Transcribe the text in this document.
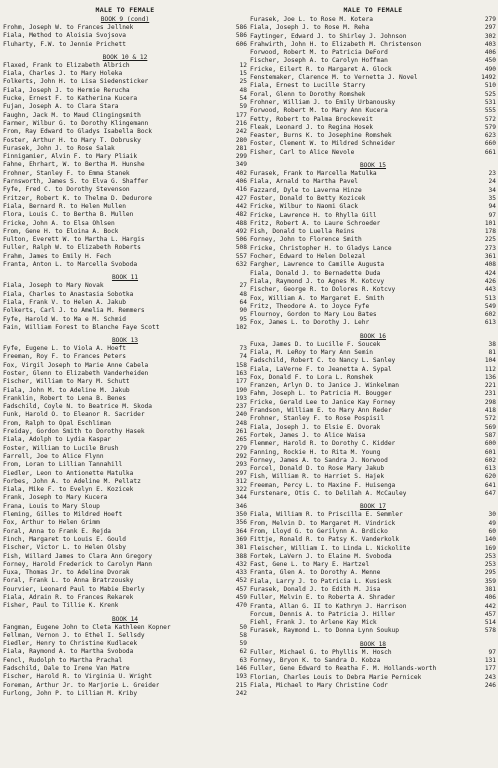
MALE TO FEMALE
BOOK 9 (cond)
Frohm, Joseph W. to Frances Jellnek	586
Fiala, Method to Aloisia Svojsova	586
Fluharty, F.W. to Jennie Prichett	606
BOOK 10 & 12
Flaxed, Frank to Elizabeth Albrich	12
Fiala, Charles J. to Mary Holeka	15
Folkerts, John H. to Lisa Siedensticker	25
Fiala, Joseph J. to Hermie Rerucha	48
Fucke, Ernest F. to Katherina Kucera	54
Fujan, Joseph A. to Clara Stara	59
Faughn, Jack M. to Maud Clingingsmith	177
Farmer, Wilbur G. to Dorothy Klingemann	216
From, Ray Edward to Gladys Isabella Bock	242
Foster, Arthur H. to Mary T. Dobrusky	280
Furasek, John J. to Rose Salak	281
Finnigamier, Alvin F. to Mary Pliaik	299
Fahne, Ehrhart, W. to Bertha M. Hunshe	349
Frohner, Stanley F. to Emma Stanek	402
Farnsworth, James S. to Elva G. Shaffer	406
Fyfe, Fred C. to Dorothy Stevenson	416
Fritzer, Robert K. to Thelma D. Dedurore	427
Fiala, Bernard R. to Helen Mullen	442
Flora, Louis C. to Bertha B. Mullen	482
Fricke, John A. to Elsa Ohlsen	488
From, Gene H. to Eloina A. Bock	492
Fulton, Everett W. to Martha L. Hargis	506
Fuller, Ralph W. to Elizabeth Roberts	508
Frahm, James to Emily H. Fech	557
Franta, Anton L. to Marcella Svoboda	632
BOOK 11
Fiala, Joseph to Mary Novak	27
Fiala, Charles to Anastasia Sobotka	48
Fiala, Frank V. to Helen A. Jakub	64
Folkerts, Carl J. to Amelia M. Remmers	90
Fyfe, Harold W. to Ma e M. Schmid	95
Fain, William Forest to Blanche Faye Scott	102
BOOK 13
Fyfe, Eugene L. to Viola A. Hoeft	73
Freeman, Roy F. to Frances Peters	74
Fox, Virgil Joseph to Marie Anne Cabela	158
Foster, Glenn to Elizabeth Vanderheiden	163
Fischer, William to Mary M. Schutt	177
Fiala, John M. to Adeline M. Jakub	190
Franklin, Robert to Lena B. Benes	193
Fadschild, Coyle N. to Beatrice M. Skoda	237
Funk, Harold O. to Eleanor R. Sacrider	240
From, Ralph to Opal Eschliman	248
Freiday, Gordon Smith to Dorothy Hasek	261
Fiala, Adolph to Lydia Kaspar	265
Foster, William to Lucile Brush	279
Farrell, Joe to Alice Flynn	292
From, Loran to Lillian Tannahill	293
Fiedler, Leon to Antionette Matulka	297
Forbes, John A. to Adeline M. Pellatz	312
Fiala, Mike F. to Evelyn E. Kozicek	322
Frank, Joseph to Mary Kucera	344
Frana, Louis to Mary Sloup	346
Fleming, Gilles to Mildred Hoeft	350
Fox, Arthur to Helen Grimm	356
Foral, Anna to Frank E. Rejda	364
Finch, Margaret to Louis E. Gould	369
Fischer, Victor L. to Helen Olsby	381
Fish, Willard James to Clara Ann Gregory	388
Forney, Harold Frederick to Carolyn Mann	432
Fuxa, Thomas Jr. to Adeline Dvorak	433
Foral, Frank L. to Anna Bratrzousky	452
Fourvier, Leonard Paul to Mabie Eberly	457
Fiala, Adrain R. to Frances Rekarek	459
Fisher, Paul to Tillie K. Krenk	470
BOOK 14
Fangman, Eugene John to Cleta Kathleen Kopner	50
Fellman, Vernon J. to Ethel I. Sellsdy	58
Fiedler, Henry to Christine Kudlacek	59
Fiala, Raymond A. to Martha Svoboda	62
Fencl, Rudolph to Martha Prachal	63
Fadschild, Dale to Irene Van Matre	146
Fischer, Harold R. to Virginia U. Wright	193
Foreman, Arthur Jr. to Marjorie L. Greider	215
Furlong, John P. to Lillian M. Kriby	242
MALE TO FEMALE
Furasek, Joe L. to Rose M. Kotera	279
Fiala, Joseph J. to Rose M. Reha	297
Faytinger, Edward J. to Shirley J. Johnson	302
Frahwirth, John H. to Elizabeth M. Christenson	403
Forwood, Robert M. to Patricia DeFord	406
Fischer, Joseph A. to Carolyn Hoffman	450
Fricke, Eilert R. to Margaret A. Glock	490
Fenstemaker, Clarence M. to Vernetta J. Novel	1492
Fiala, Ernest to Lucille Starry	510
Foral, Glenn to Dorothy Romshek	525
Frohner, William J. to Emily Urbanousky	531
Forwood, Robert M. to Mary Ann Kucera	555
Fetty, Robert to Palma Brockeveit	572
Fleak, Leonard J. to Regina Hosek	579
Feaster, Burns K. to Josephine Romshek	623
Foster, Clement W. to Mildred Schneider	660
Fisher, Carl to Alice Nevole	661
BOOK 15
Furasek, Frank to Marcella Matulka	23
Fiala, Arnald to Martha Pavel	24
Fazzard, Dyle to Laverna Hinze	34
Foster, Donald to Betty Kozicek	35
Fricke, Wilbur to Naomi Glack	94
Fricke, Lawrence H. to Rhylla Gill	97
Fritz, Robert A. to Laure Schroeder	101
Fish, Donald to Luella Reins	178
Forney, John to Florence Smith	225
Fricke, Christopher H. to Gladys Lance	273
Focher, Edward to Helen Dolezal	361
Fargher, Lawrence to Camille Augusta	408
Fiala, Donald J. to Bernadette Duda	424
Fiala, Raymond J. to Agnes M. Kotcvy	426
Fischer, George R. to Dolores R. Kotcvy	443
Fox, William A. to Margaret E. Smith	513
Fritz, Theodore A. to Joyce Fyfe	549
Flournoy, Gordon to Mary Lou Bates	602
Fox, James L. to Dorothy J. Lehr	613
BOOK 16
Fuxa, James D. to Lucille F. Soucek	38
Fiala, M. LeRoy to Mary Ann Semin	81
Fadschild, Robert C. to Nancy L. Sanley	104
Fiala, LaVerne F. to Jeanetta A. Sypal	112
Fox, Donald F. to Lora L. Romshek	136
Franzen, Arlyn D. to Janice J. Winkelman	221
Fahm, Joseph L. to Patricia M. Bougger	231
Fricke, Gerald Lee to Janice Kay Forney	298
Frandson, William E. to Mary Ann Reder	418
Frohner, Stanley F. to Rose Pospisil	572
Fiala, Joseph J. to Elsie E. Dvorak	569
Fortek, James J. to Alice Waisa	587
Flemmer, Harold R. to Dorothy C. Kidder	600
Fanning, Rockie H. to Rita M. Young	601
Forney, James A. to Sandra J. Norwood	602
Forcel, Donald D. to Rose Mary Jakub	613
Fish, William R. to Harriet S. Hajek	620
Freeman, Percy L. to Maxine F. Huisenga	641
Furstenare, Otis C. to Delilah A. McCauley	647
BOOK 17
Fiala, William R. to Priscilla E. Semmler	30
From, Melvin D. to Margaret M. Vindrick	49
From, Lloyd G. to Gerilynn A. Brdicko	60
Fittje, Ronald R. to Patsy K. Vanderkolk	140
Fleischer, William I. to Linda L. Nickolite	169
Fortek, LaVern J. to Elaine M. Svoboda	253
Fast, Gene L. to Mary E. Hartzel	253
Franta, Glen A. to Dorothy A. Menne	295
Fiala, Larry J. to Patricia L. Kusiesk	359
Furasek, Donald J. to Edith M. Jisa	381
Fuller, Melvin E. to Roberta A. Shrader	406
Franta, Allan G. II to Kathryn J. Harrison	442
Forcum, Dennis A. to Patricia J. Hiller	457
Fiehl, Frank J. to Arlene Kay Mick	514
Furasek, Raymond L. to Donna Lynn Soukup	578
BOOK 18
Fuller, Michael G. to Phyllis M. Hosch	97
Forney, Bryon K. to Sandra D. Kobza	131
Fuller, Gene Edward to Reatha F. M. Hollands-worth	177
Florian, Charles Louis to Debra Marie Pernicek	243
Fiala, Michael to Mary Christine Codr	246
